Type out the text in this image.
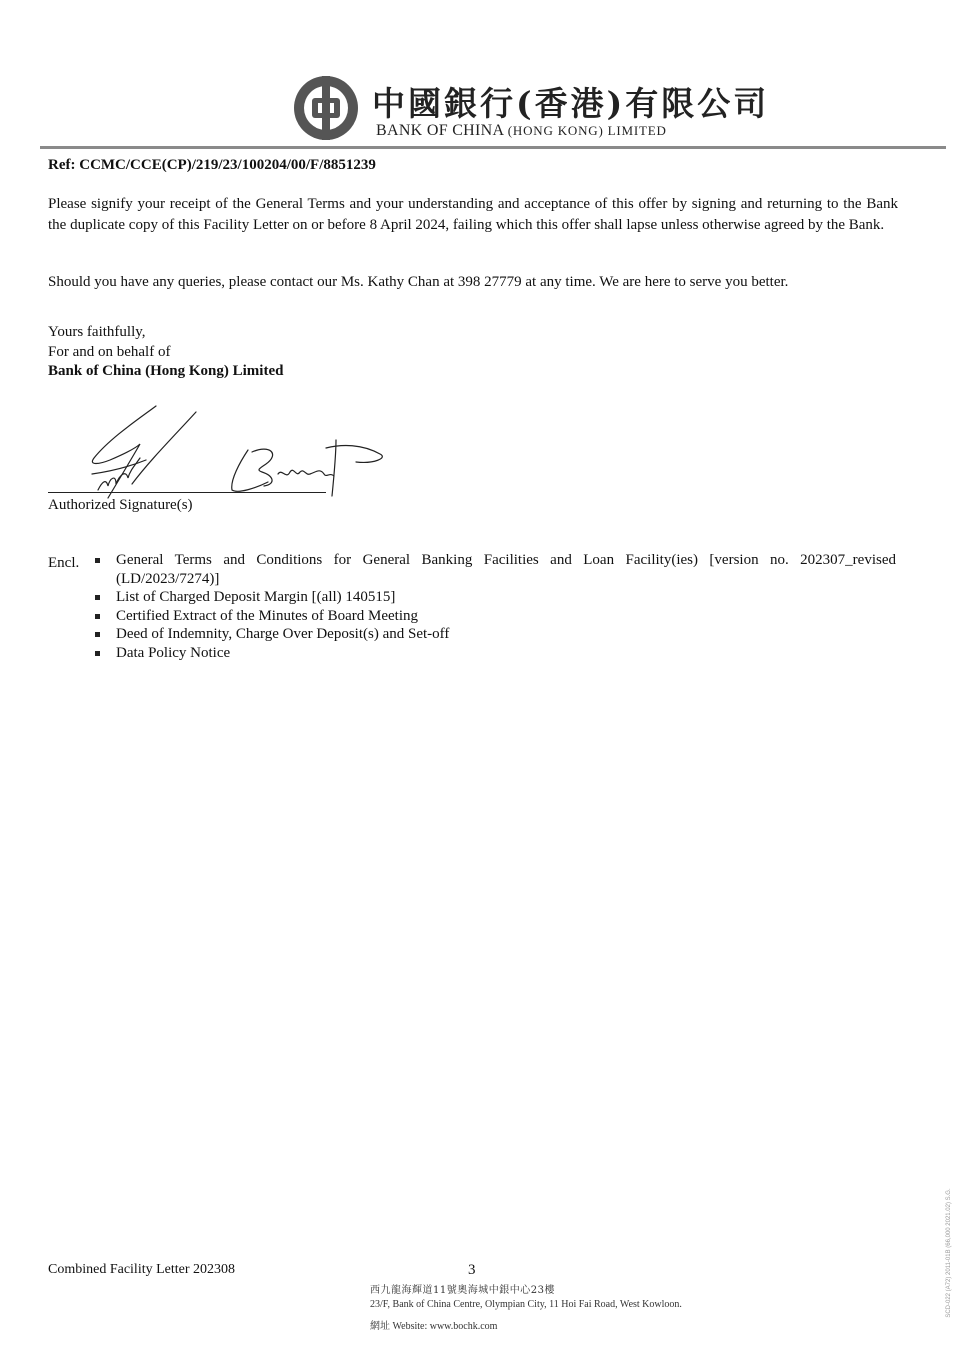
中國銀行(香港)有限公司
BANK OF CHINA (HONG KONG) LIMITED
Ref: CCMC/CCE(CP)/219/23/100204/00/F/8851239
Please signify your receipt of the General Terms and your understanding and acceptance of this offer by signing and returning to the Bank the duplicate copy of this Facility Letter on or before 8 April 2024, failing which this offer shall lapse unless otherwise agreed by the Bank.
Should you have any queries, please contact our Ms. Kathy Chan at 398 27779 at any time. We are here to serve you better.
Yours faithfully,
For and on behalf of
Bank of China (Hong Kong) Limited
Authorized Signature(s)
Encl.	General Terms and Conditions for General Banking Facilities and Loan Facility(ies) [version no. 202307_revised (LD/2023/7274)]
List of Charged Deposit Margin [(all) 140515]
Certified Extract of the Minutes of Board Meeting
Deed of Indemnity, Charge Over Deposit(s) and Set-off
Data Policy Notice
Combined Facility Letter 202308	3
西九龍海輝道11號奧海城中銀中心23樓
23/F, Bank of China Centre, Olympian City, 11 Hoi Fai Road, West Kowloon.
網址 Website: www.bochk.com
SCD-022 (A72) 2011-01B (66,000 2021.02) S.G.
